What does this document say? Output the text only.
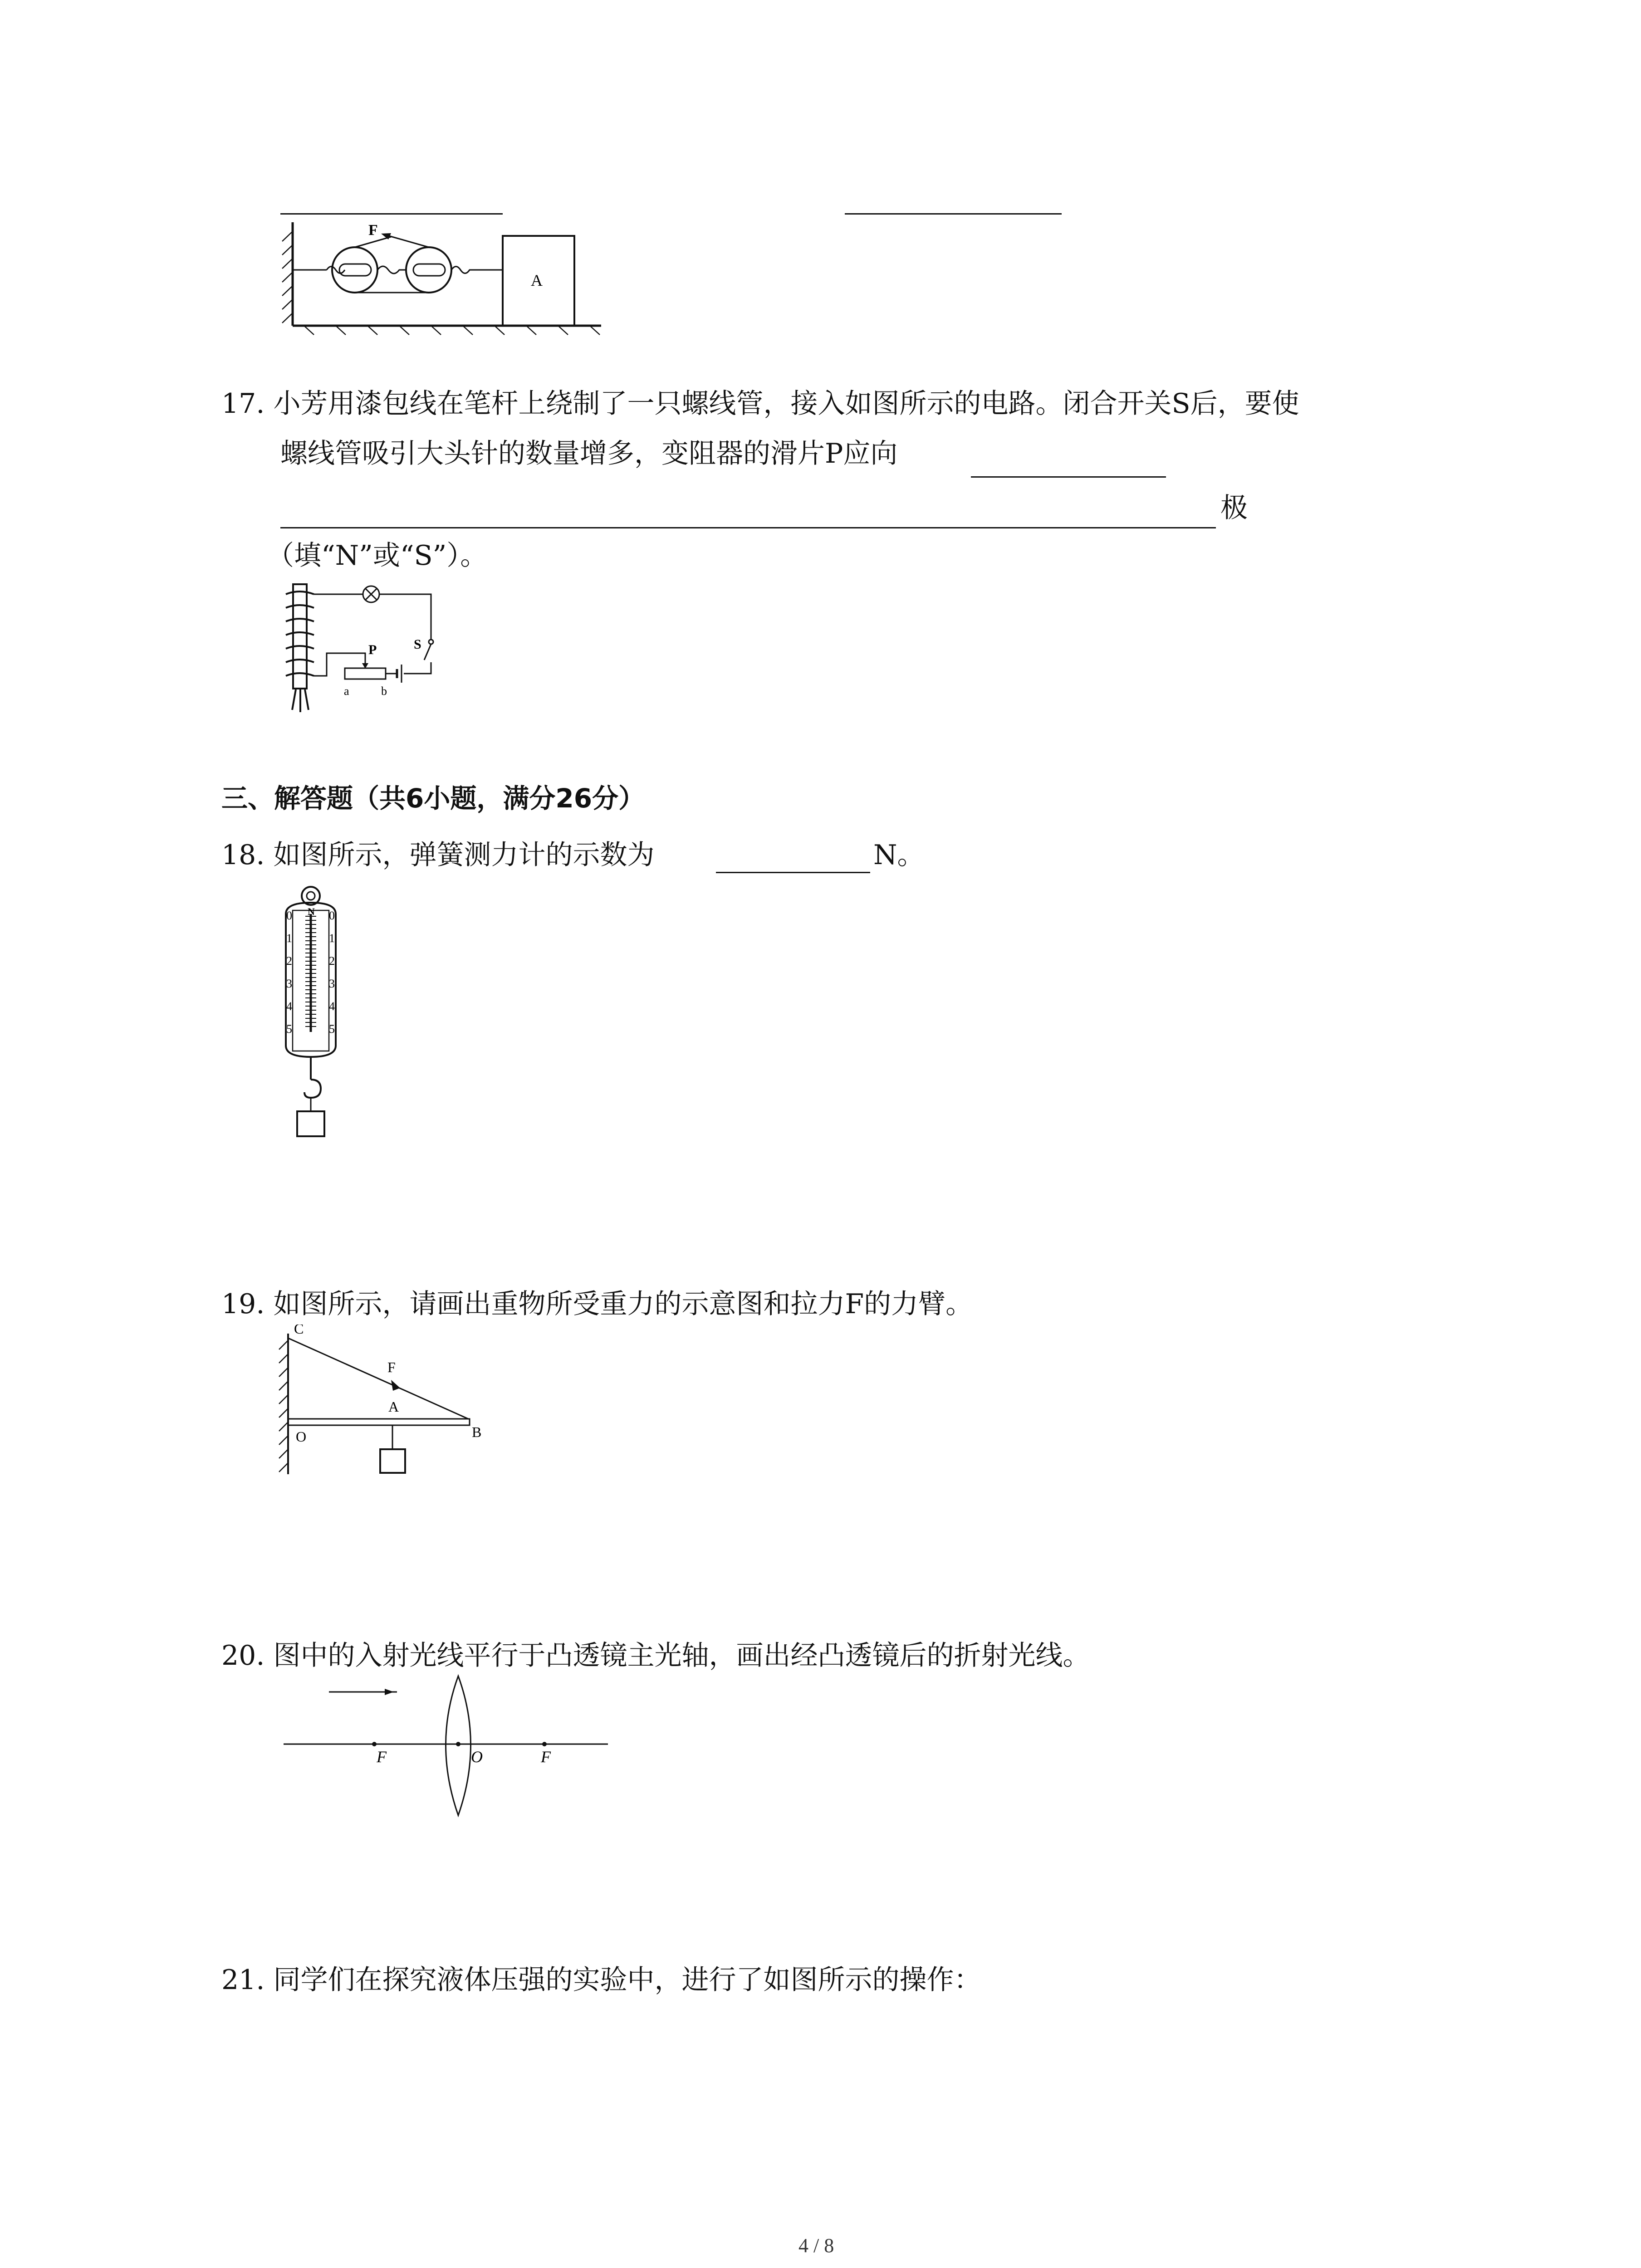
F
A
17. 小芳用漆包线在笔杆上绕制了一只螺线管，接入如图所示的电路。闭合开关S后，要使
螺线管吸引大头针的数量增多，变阻器的滑片P应向
极
（填“N”或“S”）。
P	S
a	b
三、解答题（共6小题，满分26分）
18. 如图所示，弹簧测力计的示数为	N。
N
0
1
2
3
4
5
0
1
2
3
4
5
19. 如图所示，请画出重物所受重力的示意图和拉力F的力臂。
C
F
A
O	B
20. 图中的入射光线平行于凸透镜主光轴，画出经凸透镜后的折射光线。
F	O	F
21. 同学们在探究液体压强的实验中，进行了如图所示的操作：
4 / 8
